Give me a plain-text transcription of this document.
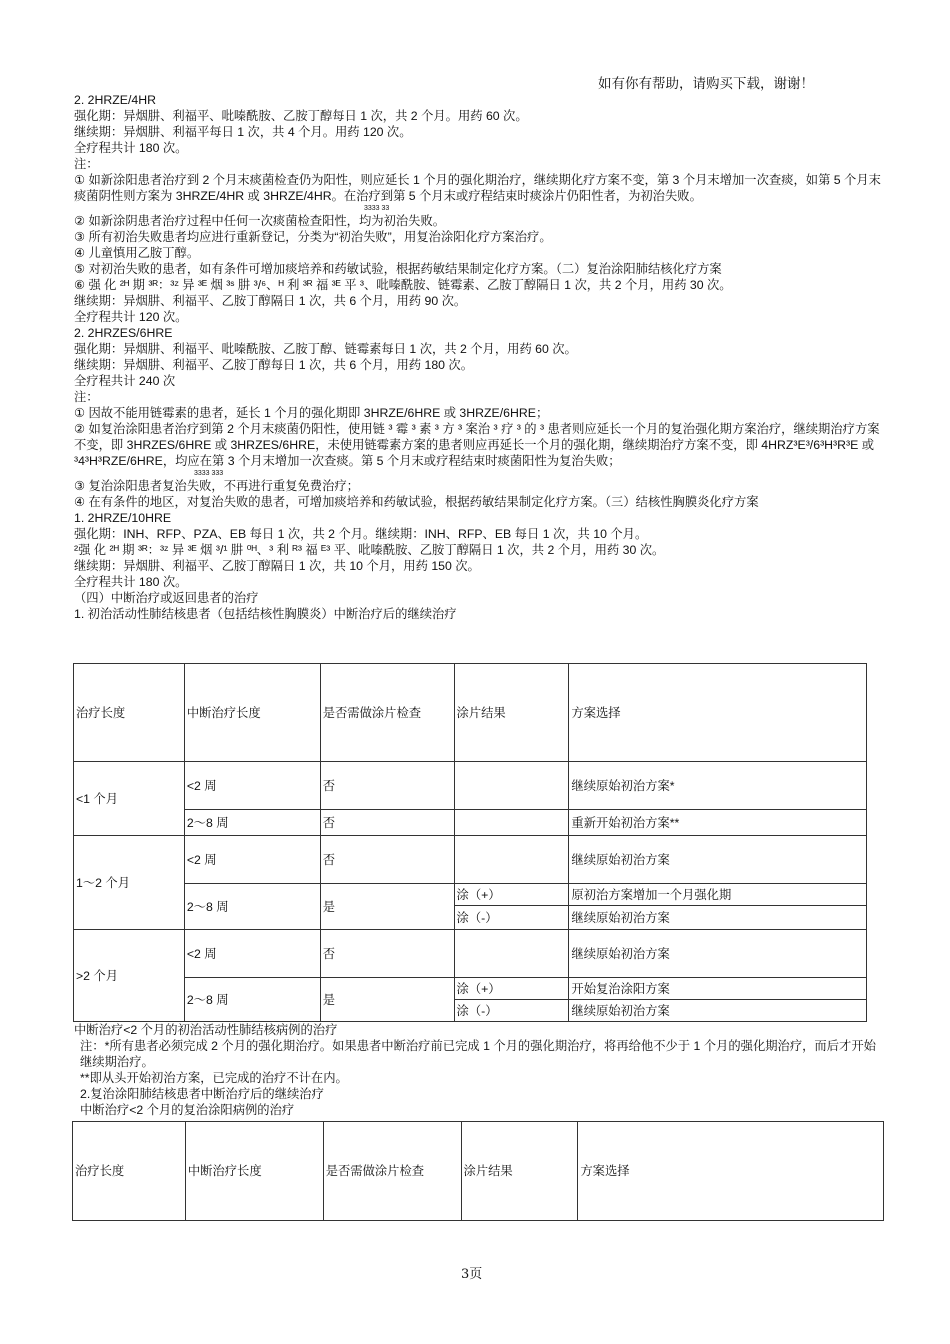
如有你有帮助，请购买下载，谢谢！
2. 2HRZE/4HR
强化期：异烟肼、利福平、吡嗪酰胺、乙胺丁醇每日 1 次，共 2 个月。用药 60 次。
继续期：异烟肼、利福平每日 1 次，共 4 个月。用药 120 次。
全疗程共计 180 次。
注：
① 如新涂阳患者治疗到 2 个月末痰菌检查仍为阳性，则应延长 1 个月的强化期治疗，继续期化疗方案不变，第 3 个月末增加一次查痰，如第 5 个月末痰菌阴性则方案为 3HRZE/4HR 或 3HRZE/4HR。在治疗到第 5 个月末或疗程结束时痰涂片仍阳性者，为初治失败。
3333 33
② 如新涂阴患者治疗过程中任何一次痰菌检查阳性，均为初治失败。
③ 所有初治失败患者均应进行重新登记，分类为“初治失败”，用复治涂阳化疗方案治疗。
④ 儿童慎用乙胺丁醇。
⑤ 对初治失败的患者，如有条件可增加痰培养和药敏试验，根据药敏结果制定化疗方案。（二）复治涂阳肺结核化疗方案
⑥ 强 化 ²ᴴ 期 ³ᴿ：³ᶻ 异 ³ᴱ 烟 ³ˢ 肼 ³/⁶、ᴴ 利 ³ᴿ 福 ³ᴱ 平 ³、吡嗪酰胺、链霉素、乙胺丁醇隔日 1 次，共 2 个月，用药 30 次。
继续期：异烟肼、利福平、乙胺丁醇隔日 1 次，共 6 个月，用药 90 次。
全疗程共计 120 次。
2. 2HRZES/6HRE
强化期：异烟肼、利福平、吡嗪酰胺、乙胺丁醇、链霉素每日 1 次，共 2 个月，用药 60 次。
继续期：异烟肼、利福平、乙胺丁醇每日 1 次，共 6 个月，用药 180 次。
全疗程共计 240 次
注：
① 因故不能用链霉素的患者，延长 1 个月的强化期即 3HRZE/6HRE 或 3HRZE/6HRE；
② 如复治涂阳患者治疗到第 2 个月末痰菌仍阳性，使用链 ³ 霉 ³ 素 ³ 方 ³ 案治 ³ 疗 ³ 的 ³ 患者则应延长一个月的复治强化期方案治疗，继续期治疗方案不变，即 3HRZES/6HRE 或 3HRZES/6HRE，未使用链霉素方案的患者则应再延长一个月的强化期，继续期治疗方案不变，即 4HRZ³E³/6³H³R³E 或 ³4³H³RZE/6HRE，均应在第 3 个月末增加一次查痰。第 5 个月末或疗程结束时痰菌阳性为复治失败；
3333 333
③ 复治涂阳患者复治失败，不再进行重复免费治疗；
④ 在有条件的地区，对复治失败的患者，可增加痰培养和药敏试验，根据药敏结果制定化疗方案。（三）结核性胸膜炎化疗方案
1. 2HRZE/10HRE
强化期：INH、RFP、PZA、EB 每日 1 次，共 2 个月。继续期：INH、RFP、EB 每日 1 次，共 10 个月。
²强 化 ²ᴴ 期 ³ᴿ：³ᶻ 异 ³ᴱ 烟 ³/¹ 肼 ⁰ᴴ、³ 利 ᴿ³ 福 ᴱ³ 平、吡嗪酰胺、乙胺丁醇隔日 1 次，共 2 个月，用药 30 次。
继续期：异烟肼、利福平、乙胺丁醇隔日 1 次，共 10 个月，用药 150 次。
全疗程共计 180 次。
（四）中断治疗或返回患者的治疗
1. 初治活动性肺结核患者（包括结核性胸膜炎）中断治疗后的继续治疗
治疗长度	中断治疗长度	是否需做涂片检查	涂片结果	方案选择
<1 个月	<2 周	否		继续原始初治方案*
	2～8 周	否		重新开始初治方案**
1～2 个月	<2 周	否		继续原始初治方案
	2～8 周	是	涂（+）	原初治方案增加一个月强化期
			涂（-）	继续原始初治方案
>2 个月	<2 周	否		继续原始初治方案
	2～8 周	是	涂（+）	开始复治涂阳方案
			涂（-）	继续原始初治方案
中断治疗<2 个月的初治活动性肺结核病例的治疗
注：*所有患者必须完成 2 个月的强化期治疗。如果患者中断治疗前已完成 1 个月的强化期治疗，将再给他不少于 1 个月的强化期治疗，而后才开始继续期治疗。
**即从头开始初治方案，已完成的治疗不计在内。
2.复治涂阳肺结核患者中断治疗后的继续治疗
中断治疗<2 个月的复治涂阳病例的治疗
治疗长度	中断治疗长度	是否需做涂片检查	涂片结果	方案选择
3页
